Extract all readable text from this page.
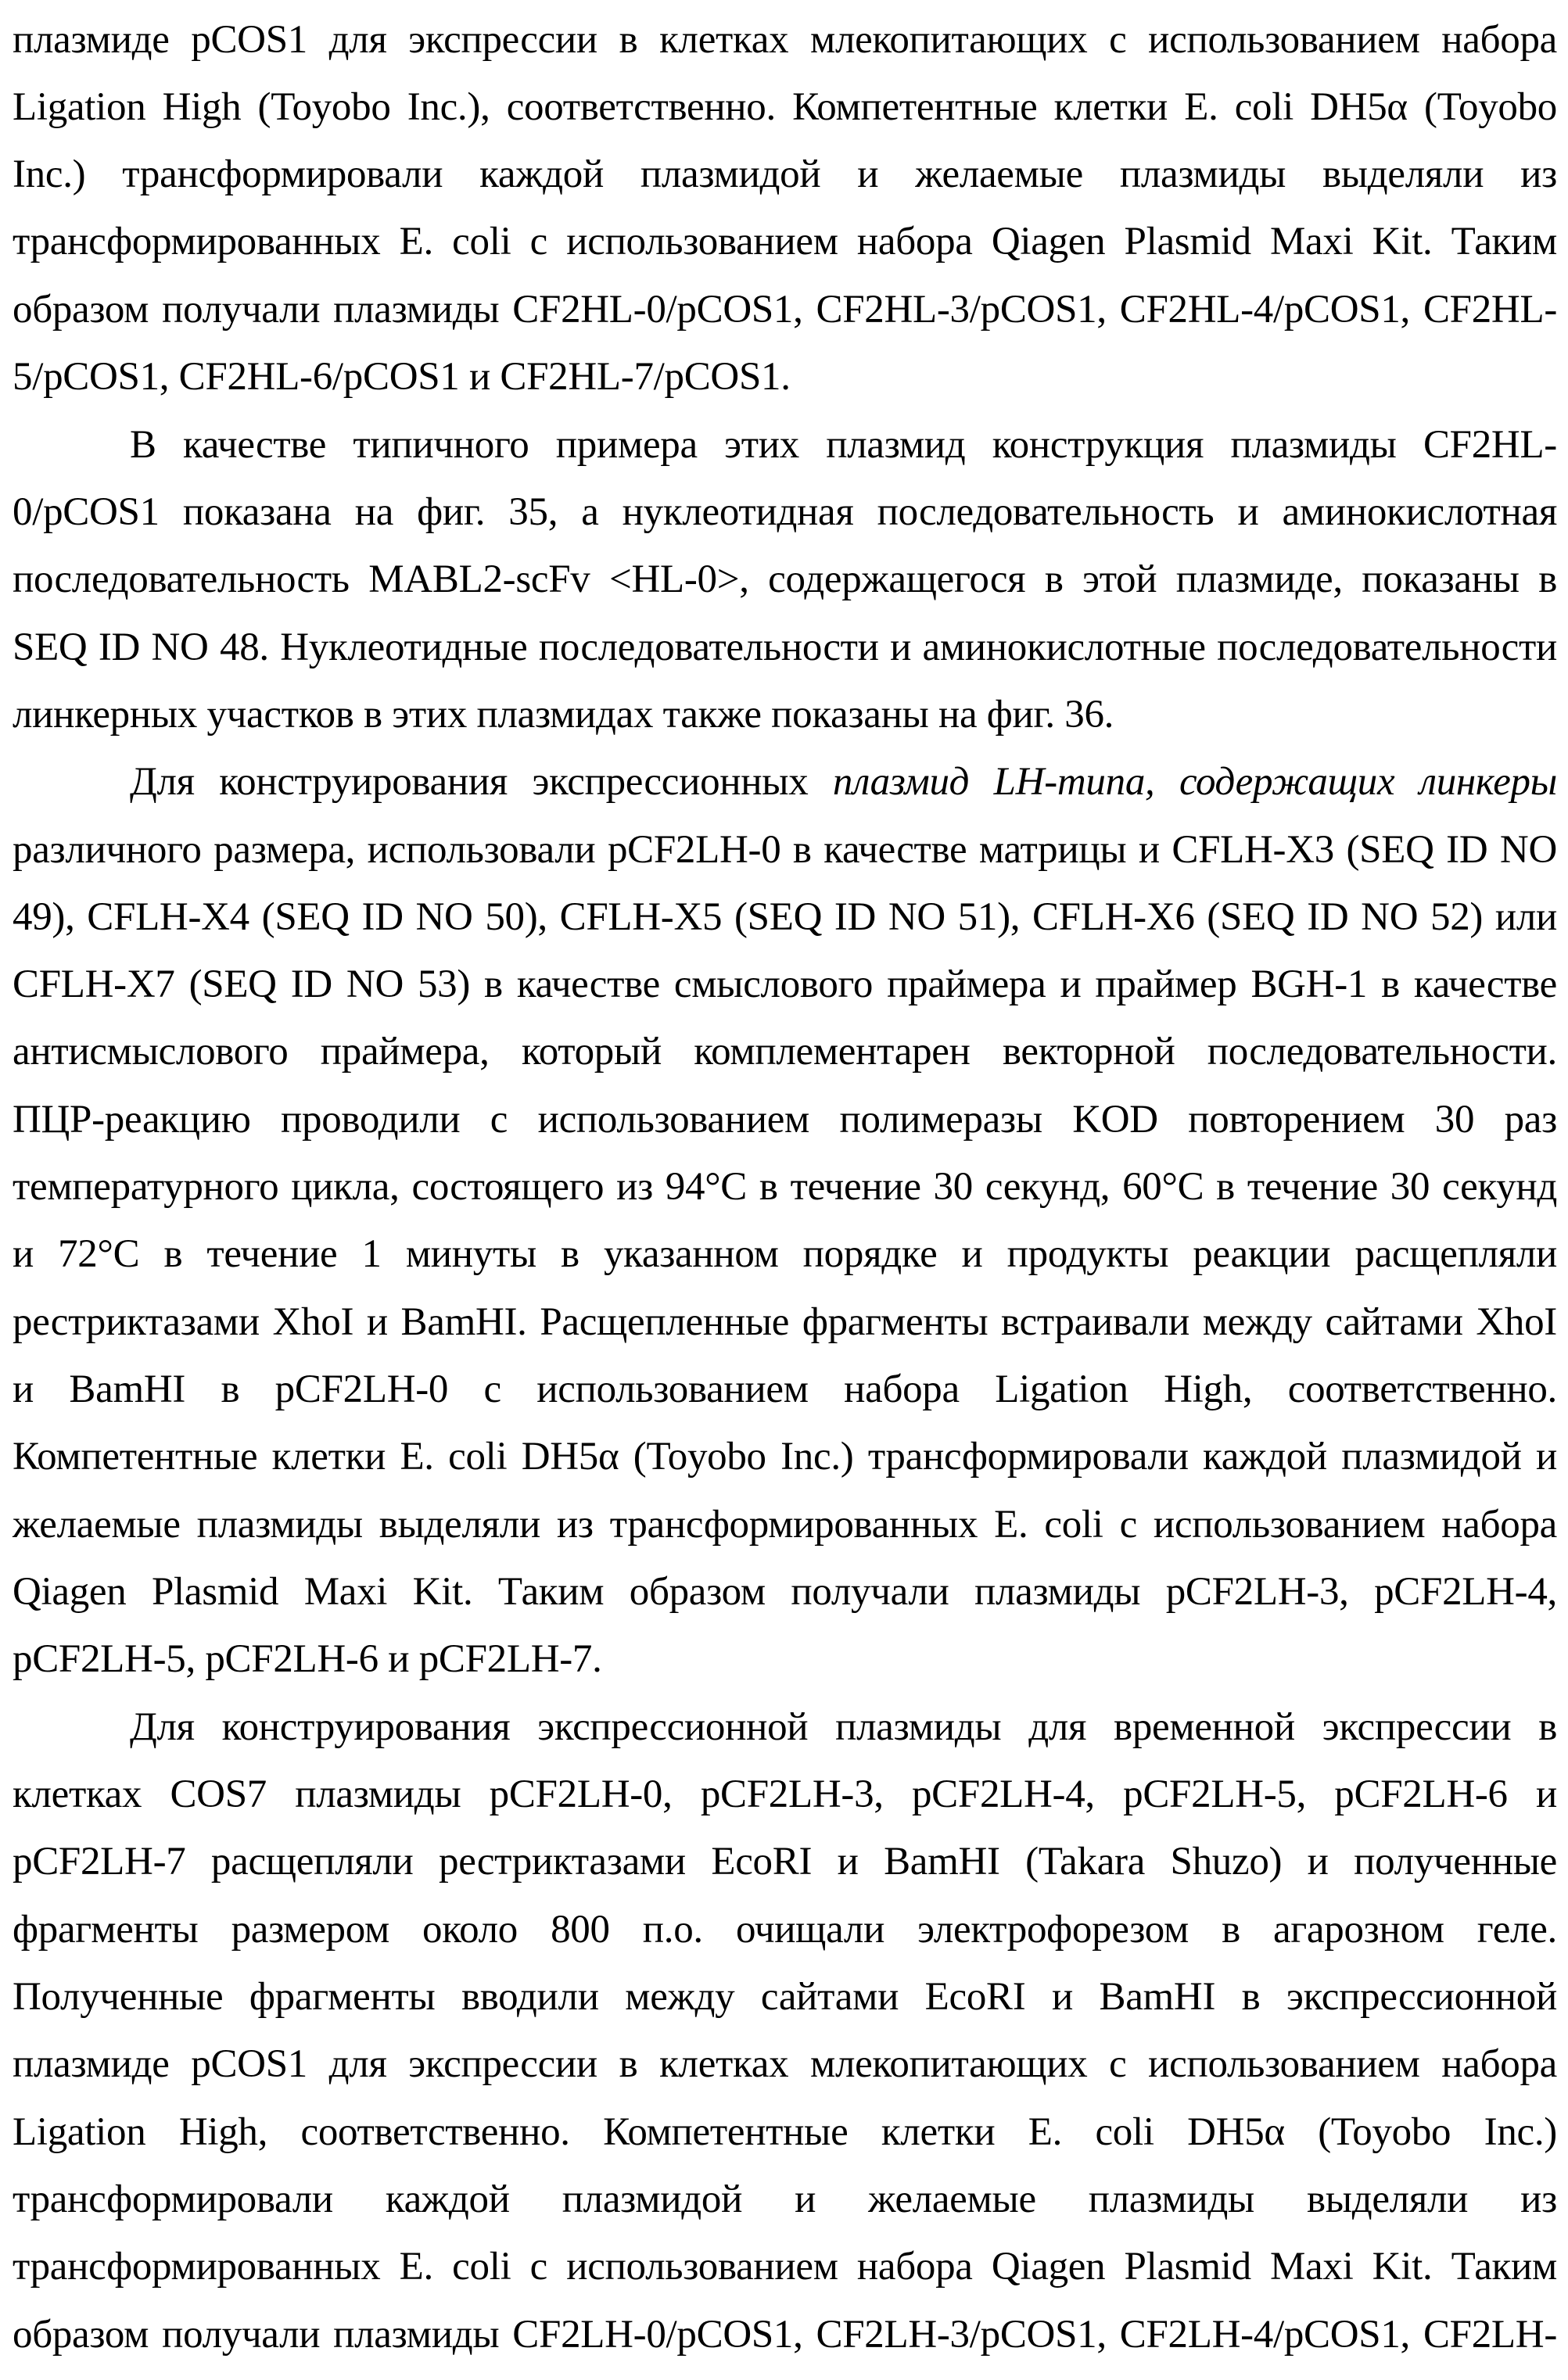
плазмиде pCOS1 для экспрессии в клетках млекопитающих с использованием набора
Ligation High (Toyobo Inc.), соответственно. Компетентные клетки E. coli DH5α (Toyobo
Inc.) трансформировали каждой плазмидой и желаемые плазмиды выделяли из
трансформированных E. coli с использованием набора Qiagen Plasmid Maxi Kit. Таким
образом получали плазмиды CF2HL-0/pCOS1, CF2HL-3/pCOS1, CF2HL-4/pCOS1, CF2HL-
5/pCOS1, CF2HL-6/pCOS1 и CF2HL-7/pCOS1.
В качестве типичного примера этих плазмид конструкция плазмиды CF2HL-
0/pCOS1 показана на фиг. 35, а нуклеотидная последовательность и аминокислотная
последовательность MABL2-scFv <HL-0>, содержащегося в этой плазмиде, показаны в
SEQ ID NO 48. Нуклеотидные последовательности и аминокислотные последовательности
линкерных участков в этих плазмидах также показаны на фиг. 36.
Для конструирования экспрессионных плазмид LH-типа, содержащих линкеры
различного размера, использовали pCF2LH-0 в качестве матрицы и CFLH-X3 (SEQ ID NO
49), CFLH-X4 (SEQ ID NO 50), CFLH-X5 (SEQ ID NO 51), CFLH-X6 (SEQ ID NO 52) или
CFLH-X7 (SEQ ID NO 53) в качестве смыслового праймера и праймер BGH-1 в качестве
антисмыслового праймера, который комплементарен векторной последовательности.
ПЦР-реакцию проводили с использованием полимеразы KOD повторением 30 раз
температурного цикла, состоящего из 94°С в течение 30 секунд, 60°С в течение 30 секунд
и 72°С в течение 1 минуты в указанном порядке и продукты реакции расщепляли
рестриктазами XhoI и BamHI. Расщепленные фрагменты встраивали между сайтами XhoI
и BamHI в pCF2LH-0 с использованием набора Ligation High, соответственно.
Компетентные клетки E. coli DH5α (Toyobo Inc.) трансформировали каждой плазмидой и
желаемые плазмиды выделяли из трансформированных E. coli с использованием набора
Qiagen Plasmid Maxi Kit. Таким образом получали плазмиды pCF2LH-3, pCF2LH-4,
pCF2LH-5, pCF2LH-6 и pCF2LH-7.
Для конструирования экспрессионной плазмиды для временной экспрессии в
клетках COS7 плазмиды pCF2LH-0, pCF2LH-3, pCF2LH-4, pCF2LH-5, pCF2LH-6 и
pCF2LH-7 расщепляли рестриктазами EcoRI и BamHI (Takara Shuzo) и полученные
фрагменты размером около 800 п.о. очищали электрофорезом в агарозном геле.
Полученные фрагменты вводили между сайтами EcoRI и BamHI в экспрессионной
плазмиде pCOS1 для экспрессии в клетках млекопитающих с использованием набора
Ligation High, соответственно. Компетентные клетки E. coli DH5α (Toyobo Inc.)
трансформировали каждой плазмидой и желаемые плазмиды выделяли из
трансформированных E. coli с использованием набора Qiagen Plasmid Maxi Kit. Таким
образом получали плазмиды CF2LH-0/pCOS1, CF2LH-3/pCOS1, CF2LH-4/pCOS1, CF2LH-
